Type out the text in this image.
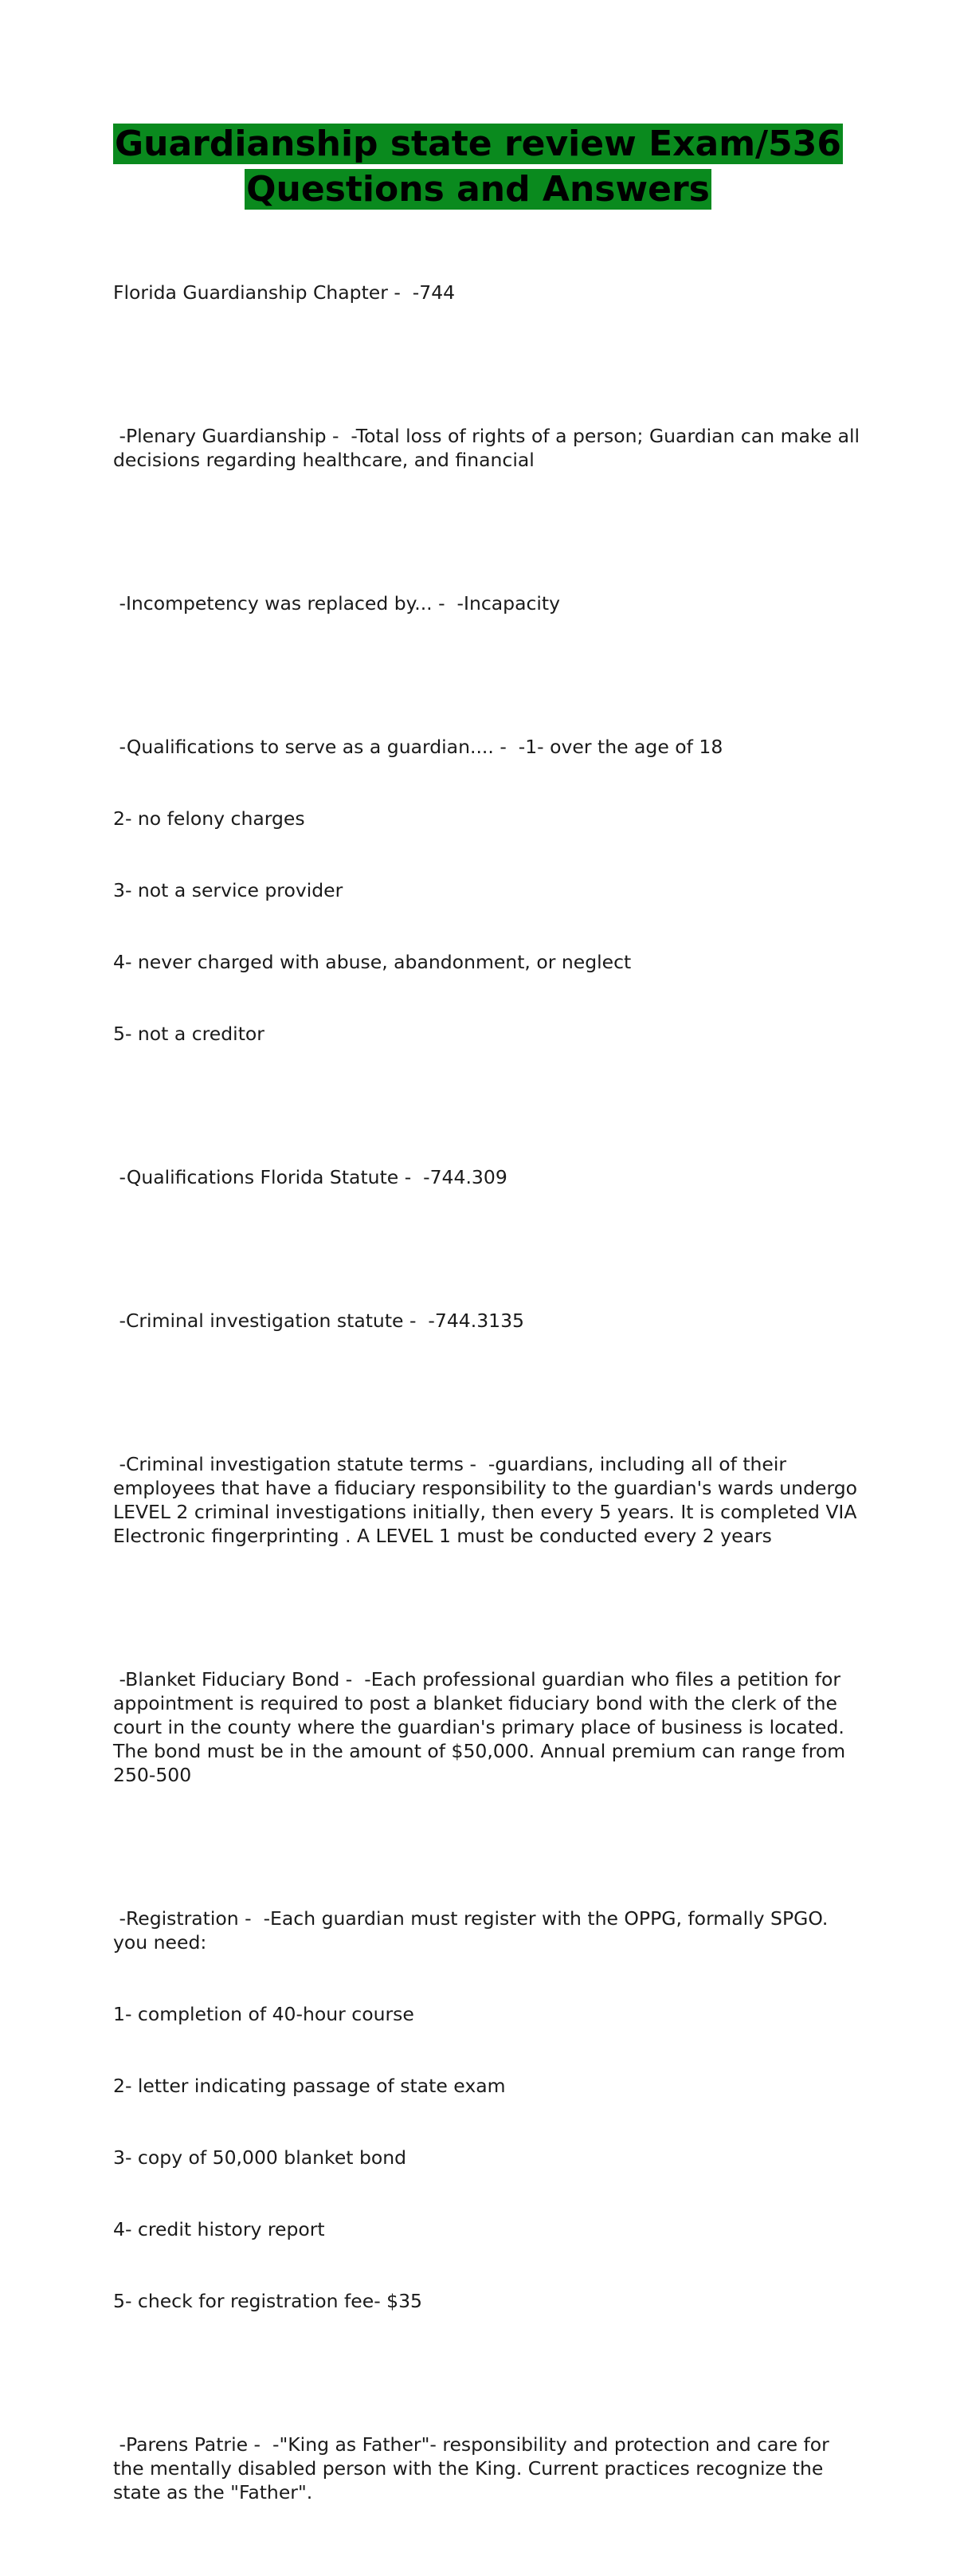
Guardianship state review Exam/536 Questions and Answers

Florida Guardianship Chapter -  -744

-Plenary Guardianship -  -Total loss of rights of a person; Guardian can make all decisions regarding healthcare, and financial

-Incompetency was replaced by... -  -Incapacity

-Qualifications to serve as a guardian.... -  -1- over the age of 18

2- no felony charges

3- not a service provider

4- never charged with abuse, abandonment, or neglect

5- not a creditor

-Qualifications Florida Statute -  -744.309

-Criminal investigation statute -  -744.3135

-Criminal investigation statute terms -  -guardians, including all of their employees that have a fiduciary responsibility to the guardian's wards undergo LEVEL 2 criminal investigations initially, then every 5 years. It is completed VIA Electronic fingerprinting . A LEVEL 1 must be conducted every 2 years

-Blanket Fiduciary Bond -  -Each professional guardian who files a petition for appointment is required to post a blanket fiduciary bond with the clerk of the court in the county where the guardian's primary place of business is located. The bond must be in the amount of $50,000. Annual premium can range from 250-500

-Registration -  -Each guardian must register with the OPPG, formally SPGO. you need:

1- completion of 40-hour course

2- letter indicating passage of state exam

3- copy of 50,000 blanket bond

4- credit history report

5- check for registration fee- $35

-Parens Patrie -  -"King as Father"- responsibility and protection and care for the mentally disabled person with the King. Current practices recognize the state as the "Father".
